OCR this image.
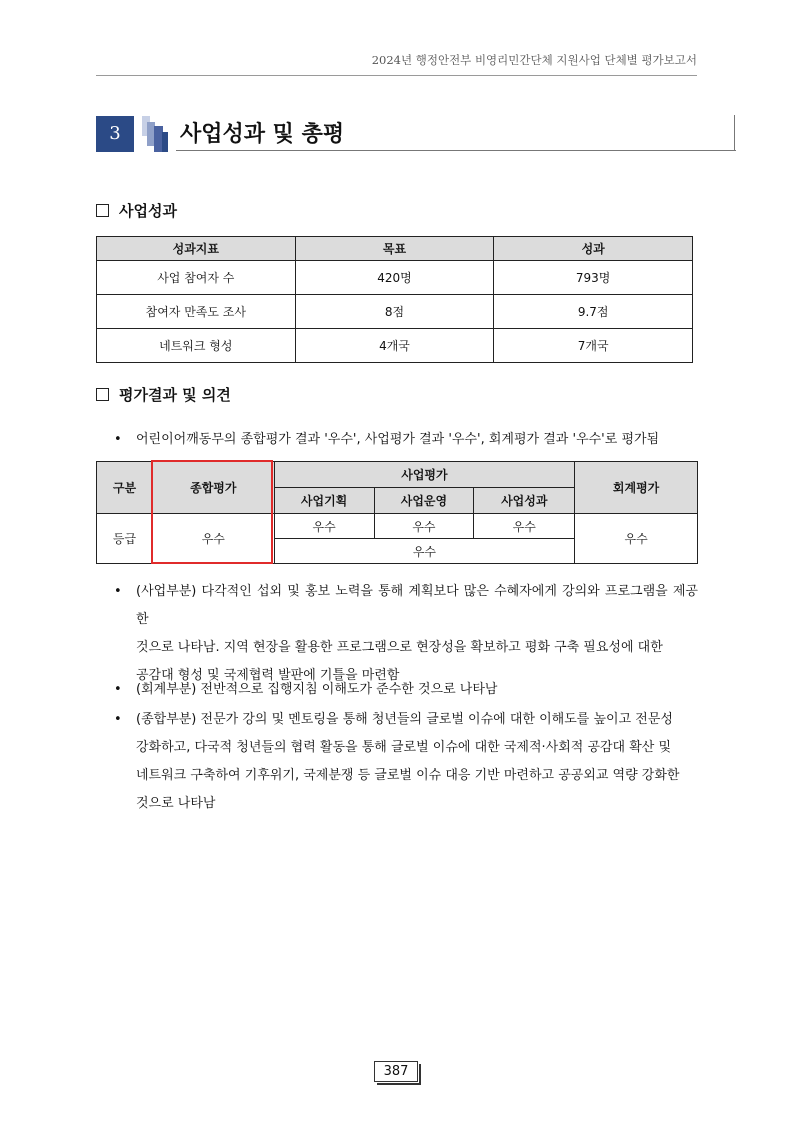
2024년 행정안전부 비영리민간단체 지원사업 단체별 평가보고서
3	사업성과 및 총평
사업성과
성과지표	목표	성과
사업 참여자 수	420명	793명
참여자 만족도 조사	8점	9.7점
네트워크 형성	4개국	7개국
평가결과 및 의견
• 어린이어깨동무의 종합평가 결과 '우수', 사업평가 결과 '우수', 회계평가 결과 '우수'로 평가됨
구분	종합평가	사업평가			회계평가
		사업기획	사업운영	사업성과	
등급	우수	우수	우수	우수	우수
		우수			
•	(사업부분) 다각적인 섭외 및 홍보 노력을 통해 계획보다 많은 수혜자에게 강의와 프로그램을 제공한
것으로 나타남. 지역 현장을 활용한 프로그램으로 현장성을 확보하고 평화 구축 필요성에 대한
공감대 형성 및 국제협력 발판에 기틀을 마련함
•	(회계부분) 전반적으로 집행지침 이해도가 준수한 것으로 나타남
•	(종합부분) 전문가 강의 및 멘토링을 통해 청년들의 글로벌 이슈에 대한 이해도를 높이고 전문성
강화하고, 다국적 청년들의 협력 활동을 통해 글로벌 이슈에 대한 국제적·사회적 공감대 확산 및
네트워크 구축하여 기후위기, 국제분쟁 등 글로벌 이슈 대응 기반 마련하고 공공외교 역량 강화한
것으로 나타남
387
